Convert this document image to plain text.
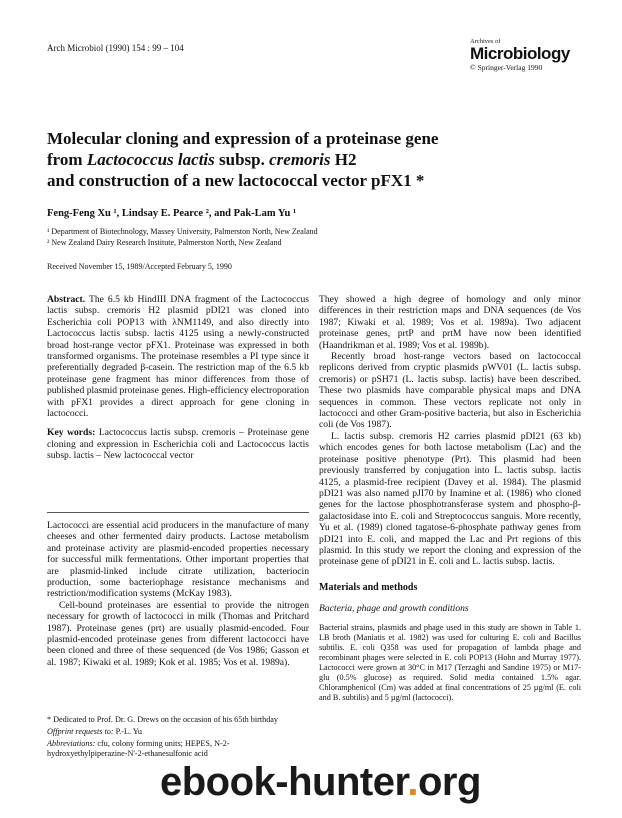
Arch Microbiol (1990) 154 : 99 – 104
Archives of
Microbiology
© Springer-Verlag 1990
Molecular cloning and expression of a proteinase gene
from Lactococcus lactis subsp. cremoris H2
and construction of a new lactococcal vector pFX1 *
Feng-Feng Xu ¹, Lindsay E. Pearce ², and Pak-Lam Yu ¹
¹ Department of Biotechnology, Massey University, Palmerston North, New Zealand
² New Zealand Dairy Research Institute, Palmerston North, New Zealand
Received November 15, 1989/Accepted February 5, 1990

Abstract. The 6.5 kb HindIII DNA fragment of the Lactococcus lactis subsp. cremoris H2 plasmid pDI21 was cloned into Escherichia coli POP13 with λNM1149, and also directly into Lactococcus lactis subsp. lactis 4125 using a newly-constructed broad host-range vector pFX1. Proteinase was expressed in both transformed organisms. The proteinase resembles a PI type since it preferentially degraded β-casein. The restriction map of the 6.5 kb proteinase gene fragment has minor differences from those of published plasmid proteinase genes. High-efficiency electroporation with pFX1 provides a direct approach for gene cloning in lactococci.

Key words: Lactococcus lactis subsp. cremoris – Proteinase gene cloning and expression in Escherichia coli and Lactococcus lactis subsp. lactis – New lactococcal vector

Lactococci are essential acid producers in the manufacture of many cheeses and other fermented dairy products. Lactose metabolism and proteinase activity are plasmid-encoded properties necessary for successful milk fermentations. Other important properties that are plasmid-linked include citrate utilization, bacteriocin production, some bacteriophage resistance mechanisms and restriction/modification systems (McKay 1983).

Cell-bound proteinases are essential to provide the nitrogen necessary for growth of lactococci in milk (Thomas and Pritchard 1987). Proteinase genes (prt) are usually plasmid-encoded. Four plasmid-encoded proteinase genes from different lactococci have been cloned and three of these sequenced (de Vos 1986; Gasson et al. 1987; Kiwaki et al. 1989; Kok et al. 1985; Vos et al. 1989a).

* Dedicated to Prof. Dr. G. Drews on the occasion of his 65th birthday

Offprint requests to: P.-L. Yu

Abbreviations: cfu, colony forming units; HEPES, N-2-hydroxyethylpiperazine-N'-2-ethanesulfonic acid

They showed a high degree of homology and only minor differences in their restriction maps and DNA sequences (de Vos 1987; Kiwaki et al. 1989; Vos et al. 1989a). Two adjacent proteinase genes, prtP and prtM have now been identified (Haandrikman et al. 1989; Vos et al. 1989b).

Recently broad host-range vectors based on lactococcal replicons derived from cryptic plasmids pWV01 (L. lactis subsp. cremoris) or pSH71 (L. lactis subsp. lactis) have been described. These two plasmids have comparable physical maps and DNA sequences in common. These vectors replicate not only in lactococci and other Gram-positive bacteria, but also in Escherichia coli (de Vos 1987).

L. lactis subsp. cremoris H2 carries plasmid pDI21 (63 kb) which encodes genes for both lactose metabolism (Lac) and the proteinase positive phenotype (Prt). This plasmid had been previously transferred by conjugation into L. lactis subsp. lactis 4125, a plasmid-free recipient (Davey et al. 1984). The plasmid pDI21 was also named pJI70 by Inamine et al. (1986) who cloned genes for the lactose phosphotransferase system and phospho-β-galactosidase into E. coli and Streptococcus sanguis. More recently, Yu et al. (1989) cloned tagatose-6-phosphate pathway genes from pDI21 into E. coli, and mapped the Lac and Prt regions of this plasmid. In this study we report the cloning and expression of the proteinase gene of pDI21 in E. coli and L. lactis subsp. lactis.

Materials and methods

Bacteria, phage and growth conditions

Bacterial strains, plasmids and phage used in this study are shown in Table 1. LB broth (Maniatis et al. 1982) was used for culturing E. coli and Bacillus subtilis. E. coli Q358 was used for propagation of lambda phage and recombinant phages were selected in E. coli POP13 (Hohn and Murray 1977). Lactococci were grown at 30°C in M17 (Terzaghi and Sandine 1975) or M17-glu (0.5% glucose) as required. Solid media contained 1.5% agar. Chloramphenicol (Cm) was added at final concentrations of 25 µg/ml (E. coli and B. subtilis) and 5 µg/ml (lactococci).

ebook-hunter.org
